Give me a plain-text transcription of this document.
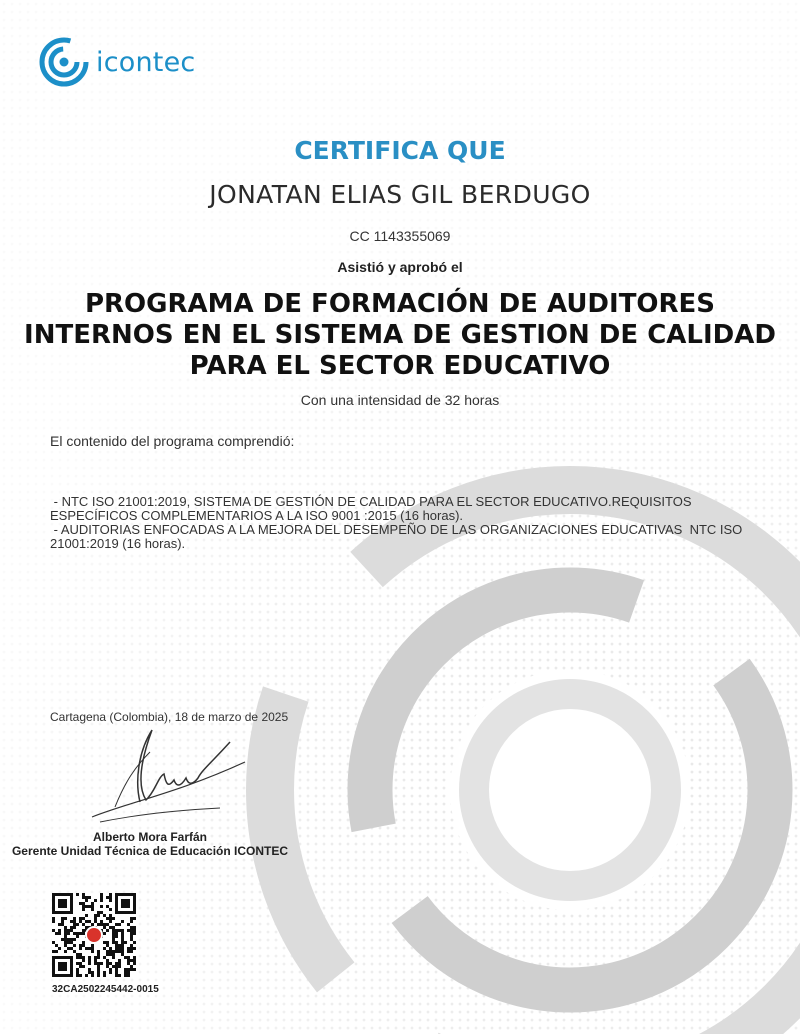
icontec
CERTIFICA QUE
JONATAN ELIAS GIL BERDUGO
CC 1143355069
Asistió y aprobó el
PROGRAMA DE FORMACIÓN DE AUDITORES
INTERNOS EN EL SISTEMA DE GESTION DE CALIDAD
PARA EL SECTOR EDUCATIVO
Con una intensidad de 32 horas
El contenido del programa comprendió:
- NTC ISO 21001:2019, SISTEMA DE GESTIÓN DE CALIDAD PARA EL SECTOR EDUCATIVO.REQUISITOS ESPECÍFICOS COMPLEMENTARIOS A LA ISO 9001 :2015 (16 horas).
- AUDITORIAS ENFOCADAS A LA MEJORA DEL DESEMPEÑO DE LAS ORGANIZACIONES EDUCATIVAS  NTC ISO 21001:2019 (16 horas).
Cartagena (Colombia), 18 de marzo de 2025
Alberto Mora Farfán
Gerente Unidad Técnica de Educación ICONTEC
32CA2502245442-0015
